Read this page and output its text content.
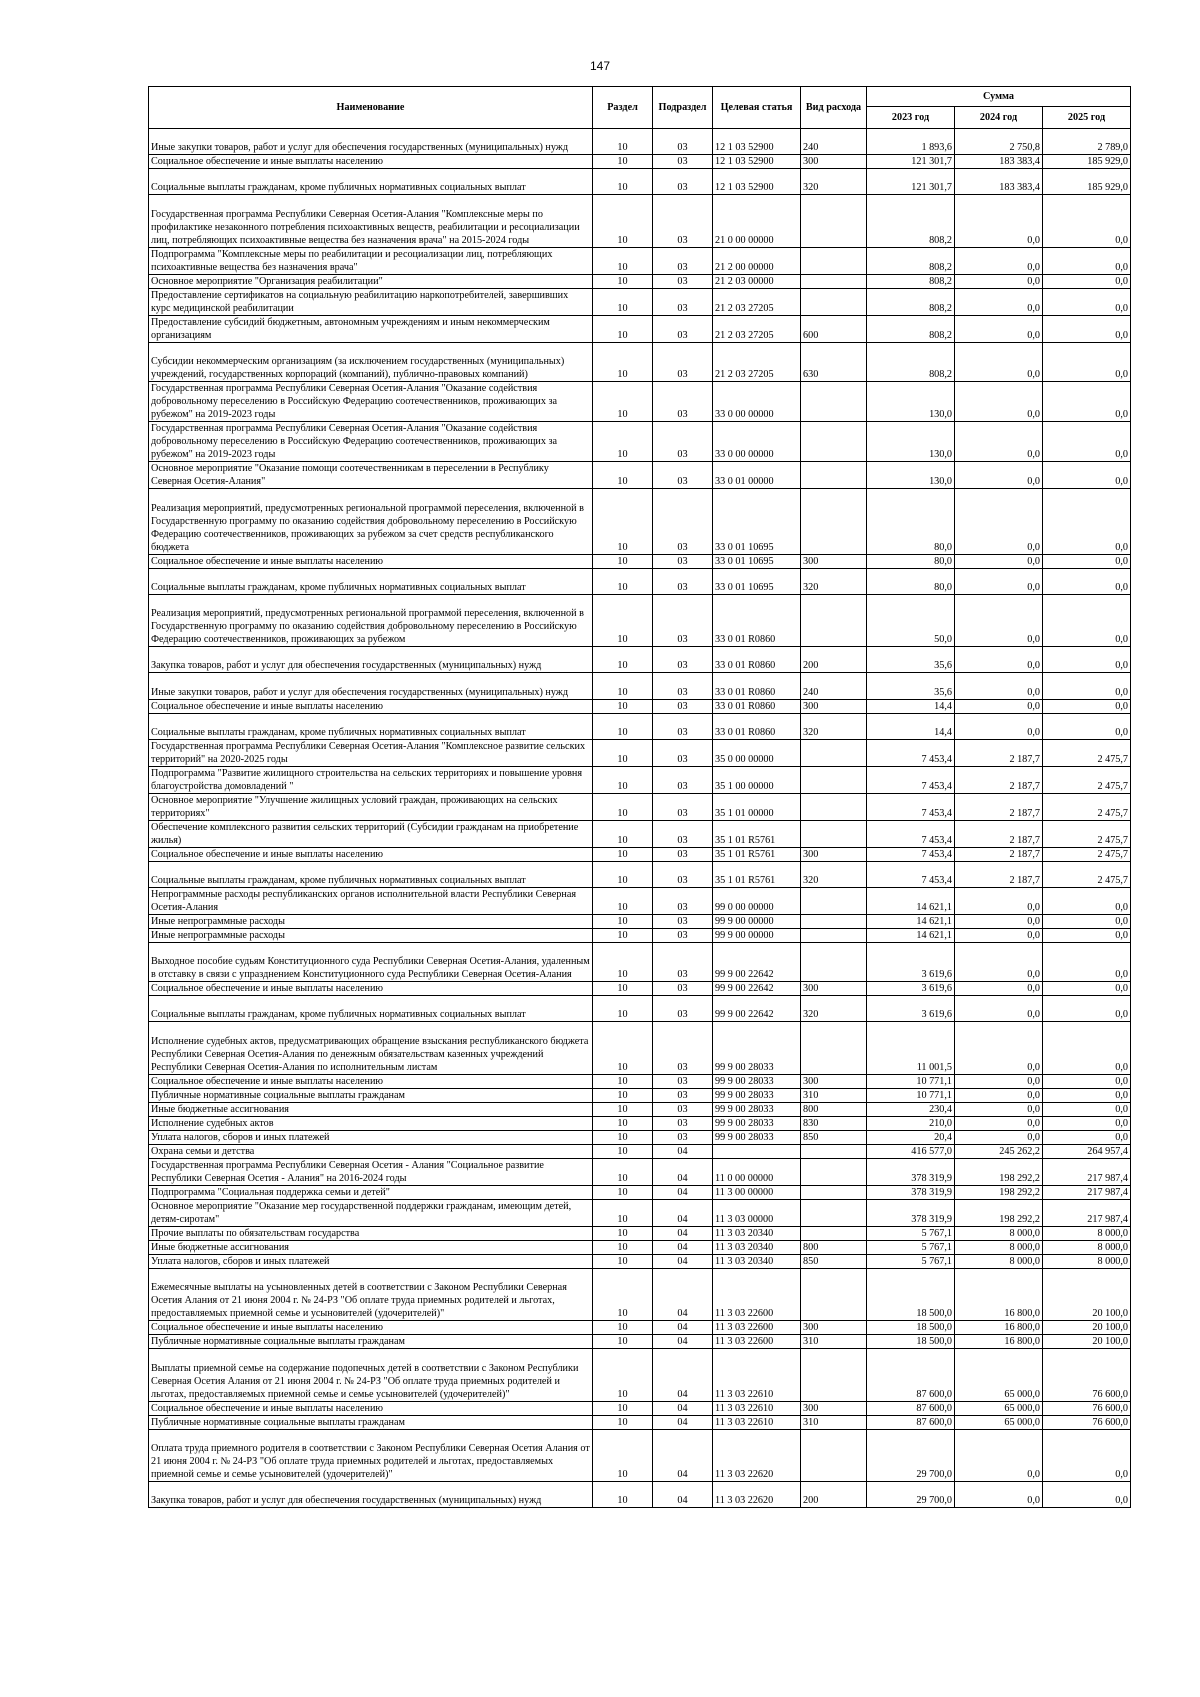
147
Наименование	Раздел	Подраздел	Целевая статья	Вид расхода	Сумма		
					2023 год	2024 год	2025 год
Иные закупки товаров, работ и услуг для обеспечения государственных (муниципальных) нужд	10	03	12 1 03 52900	240	1 893,6	2 750,8	2 789,0
Социальное обеспечение и иные выплаты населению	10	03	12 1 03 52900	300	121 301,7	183 383,4	185 929,0
Социальные выплаты гражданам, кроме публичных нормативных социальных выплат	10	03	12 1 03 52900	320	121 301,7	183 383,4	185 929,0
Государственная программа Республики Северная Осетия-Алания "Комплексные меры по профилактике незаконного потребления психоактивных веществ, реабилитации и ресоциализации лиц, потребляющих психоактивные вещества без назначения врача" на 2015-2024 годы	10	03	21 0 00 00000		808,2	0,0	0,0
Подпрограмма "Комплексные меры по реабилитации и ресоциализации лиц, потребляющих психоактивные вещества без назначения врача"	10	03	21 2 00 00000		808,2	0,0	0,0
Основное мероприятие "Организация реабилитации"	10	03	21 2 03 00000		808,2	0,0	0,0
Предоставление сертификатов на социальную реабилитацию наркопотребителей, завершивших курс медицинской реабилитации	10	03	21 2 03 27205		808,2	0,0	0,0
Предоставление субсидий бюджетным, автономным учреждениям и иным некоммерческим организациям	10	03	21 2 03 27205	600	808,2	0,0	0,0
Субсидии некоммерческим организациям (за исключением государственных (муниципальных) учреждений, государственных корпораций (компаний), публично-правовых компаний)	10	03	21 2 03 27205	630	808,2	0,0	0,0
Государственная программа Республики Северная Осетия-Алания "Оказание содействия добровольному переселению в Российскую Федерацию соотечественников, проживающих за рубежом" на 2019-2023 годы	10	03	33 0 00 00000		130,0	0,0	0,0
Государственная программа Республики Северная Осетия-Алания "Оказание содействия добровольному переселению в Российскую Федерацию соотечественников, проживающих за рубежом" на 2019-2023 годы	10	03	33 0 00 00000		130,0	0,0	0,0
Основное мероприятие "Оказание помощи соотечественникам в переселении в Республику Северная Осетия-Алания"	10	03	33 0 01 00000		130,0	0,0	0,0
Реализация мероприятий, предусмотренных региональной программой переселения, включенной в Государственную программу по оказанию содействия добровольному переселению в Российскую Федерацию соотечественников, проживающих за рубежом за счет средств республиканского бюджета	10	03	33 0 01 10695		80,0	0,0	0,0
Социальное обеспечение и иные выплаты населению	10	03	33 0 01 10695	300	80,0	0,0	0,0
Социальные выплаты гражданам, кроме публичных нормативных социальных выплат	10	03	33 0 01 10695	320	80,0	0,0	0,0
Реализация мероприятий, предусмотренных региональной программой переселения, включенной в Государственную программу по оказанию содействия добровольному переселению в Российскую Федерацию соотечественников, проживающих за рубежом	10	03	33 0 01 R0860		50,0	0,0	0,0
Закупка товаров, работ и услуг для обеспечения государственных (муниципальных) нужд	10	03	33 0 01 R0860	200	35,6	0,0	0,0
Иные закупки товаров, работ и услуг для обеспечения государственных (муниципальных) нужд	10	03	33 0 01 R0860	240	35,6	0,0	0,0
Социальное обеспечение и иные выплаты населению	10	03	33 0 01 R0860	300	14,4	0,0	0,0
Социальные выплаты гражданам, кроме публичных нормативных социальных выплат	10	03	33 0 01 R0860	320	14,4	0,0	0,0
Государственная программа Республики Северная Осетия-Алания "Комплексное развитие сельских территорий" на 2020-2025 годы	10	03	35 0 00 00000		7 453,4	2 187,7	2 475,7
Подпрограмма "Развитие жилищного строительства на сельских территориях и повышение уровня благоустройства домовладений "	10	03	35 1 00 00000		7 453,4	2 187,7	2 475,7
Основное мероприятие "Улучшение жилищных условий граждан, проживающих на сельских территориях"	10	03	35 1 01 00000		7 453,4	2 187,7	2 475,7
Обеспечение комплексного развития сельских территорий (Субсидии гражданам на приобретение жилья)	10	03	35 1 01 R5761		7 453,4	2 187,7	2 475,7
Социальное обеспечение и иные выплаты населению	10	03	35 1 01 R5761	300	7 453,4	2 187,7	2 475,7
Социальные выплаты гражданам, кроме публичных нормативных социальных выплат	10	03	35 1 01 R5761	320	7 453,4	2 187,7	2 475,7
Непрограммные расходы республиканских органов исполнительной власти Республики Северная Осетия-Алания	10	03	99 0 00 00000		14 621,1	0,0	0,0
Иные непрограммные расходы	10	03	99 9 00 00000		14 621,1	0,0	0,0
Иные непрограммные расходы	10	03	99 9 00 00000		14 621,1	0,0	0,0
Выходное пособие судьям Конституционного суда Республики Северная Осетия-Алания, удаленным в отставку в связи с упразднением Конституционного суда Республики Северная Осетия-Алания	10	03	99 9 00 22642		3 619,6	0,0	0,0
Социальное обеспечение и иные выплаты населению	10	03	99 9 00 22642	300	3 619,6	0,0	0,0
Социальные выплаты гражданам, кроме публичных нормативных социальных выплат	10	03	99 9 00 22642	320	3 619,6	0,0	0,0
Исполнение судебных актов, предусматривающих обращение взыскания республиканского бюджета Республики Северная Осетия-Алания по денежным обязательствам казенных учреждений Республики Северная Осетия-Алания по исполнительным листам	10	03	99 9 00 28033		11 001,5	0,0	0,0
Социальное обеспечение и иные выплаты населению	10	03	99 9 00 28033	300	10 771,1	0,0	0,0
Публичные нормативные социальные выплаты гражданам	10	03	99 9 00 28033	310	10 771,1	0,0	0,0
Иные бюджетные ассигнования	10	03	99 9 00 28033	800	230,4	0,0	0,0
Исполнение судебных актов	10	03	99 9 00 28033	830	210,0	0,0	0,0
Уплата налогов, сборов и иных платежей	10	03	99 9 00 28033	850	20,4	0,0	0,0
Охрана семьи и детства	10	04			416 577,0	245 262,2	264 957,4
Государственная программа Республики Северная Осетия - Алания "Социальное развитие Республики Северная Осетия - Алания" на 2016-2024 годы	10	04	11 0 00 00000		378 319,9	198 292,2	217 987,4
Подпрограмма "Социальная поддержка семьи и детей"	10	04	11 3 00 00000		378 319,9	198 292,2	217 987,4
Основное мероприятие "Оказание мер государственной поддержки гражданам, имеющим детей, детям-сиротам"	10	04	11 3 03 00000		378 319,9	198 292,2	217 987,4
Прочие выплаты по обязательствам государства	10	04	11 3 03 20340		5 767,1	8 000,0	8 000,0
Иные бюджетные ассигнования	10	04	11 3 03 20340	800	5 767,1	8 000,0	8 000,0
Уплата налогов, сборов и иных платежей	10	04	11 3 03 20340	850	5 767,1	8 000,0	8 000,0
Ежемесячные выплаты на усыновленных детей в соответствии с Законом Республики Северная Осетия Алания от 21 июня 2004 г. № 24-РЗ "Об оплате труда приемных родителей и льготах, предоставляемых приемной семье и усыновителей (удочерителей)"	10	04	11 3 03 22600		18 500,0	16 800,0	20 100,0
Социальное обеспечение и иные выплаты населению	10	04	11 3 03 22600	300	18 500,0	16 800,0	20 100,0
Публичные нормативные социальные выплаты гражданам	10	04	11 3 03 22600	310	18 500,0	16 800,0	20 100,0
Выплаты приемной семье на содержание подопечных детей в соответствии с Законом Республики Северная Осетия Алания от 21 июня 2004 г. № 24-РЗ "Об оплате труда приемных родителей и льготах, предоставляемых приемной семье и семье усыновителей (удочерителей)"	10	04	11 3 03 22610		87 600,0	65 000,0	76 600,0
Социальное обеспечение и иные выплаты населению	10	04	11 3 03 22610	300	87 600,0	65 000,0	76 600,0
Публичные нормативные социальные выплаты гражданам	10	04	11 3 03 22610	310	87 600,0	65 000,0	76 600,0
Оплата труда приемного родителя в соответствии с Законом Республики Северная Осетия Алания от 21 июня 2004 г. № 24-РЗ "Об оплате труда приемных родителей и льготах, предоставляемых приемной семье и семье усыновителей (удочерителей)"	10	04	11 3 03 22620		29 700,0	0,0	0,0
Закупка товаров, работ и услуг для обеспечения государственных (муниципальных) нужд	10	04	11 3 03 22620	200	29 700,0	0,0	0,0
